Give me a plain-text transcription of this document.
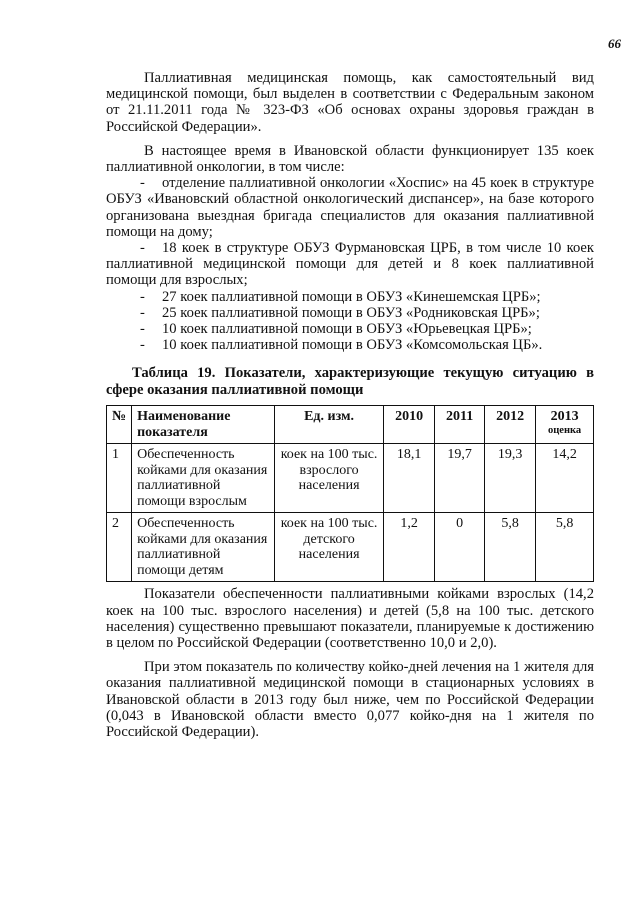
66

Паллиативная медицинская помощь, как самостоятельный вид медицинской помощи, был выделен в соответствии с Федеральным законом от 21.11.2011 года № 323-ФЗ «Об основах охраны здоровья граждан в Российской Федерации».

В настоящее время в Ивановской области функционирует 135 коек паллиативной онкологии, в том числе:

- отделение паллиативной онкологии «Хоспис» на 45 коек в структуре ОБУЗ «Ивановский областной онкологический диспансер», на базе которого организована выездная бригада специалистов для оказания паллиативной помощи на дому;

- 18 коек в структуре ОБУЗ Фурмановская ЦРБ, в том числе 10 коек паллиативной медицинской помощи для детей и 8 коек паллиативной помощи для взрослых;

- 27 коек паллиативной помощи в ОБУЗ «Кинешемская ЦРБ»;

- 25 коек паллиативной помощи в ОБУЗ «Родниковская ЦРБ»;

- 10 коек паллиативной помощи в ОБУЗ «Юрьевецкая ЦРБ»;

- 10 коек паллиативной помощи в ОБУЗ «Комсомольская ЦБ».

Таблица 19. Показатели, характеризующие текущую ситуацию в сфере оказания паллиативной помощи

№	Наименование показателя	Ед. изм.	2010	2011	2012	2013
оценка

1	Обеспеченность койками для оказания паллиативной помощи взрослым	коек на 100 тыс. взрослого населения	18,1	19,7	19,3	14,2
2	Обеспеченность койками для оказания паллиативной помощи детям	коек на 100 тыс. детского населения	1,2	0	5,8	5,8

Показатели обеспеченности паллиативными койками взрослых (14,2 коек на 100 тыс. взрослого населения) и детей (5,8 на 100 тыс. детского населения) существенно превышают показатели, планируемые к достижению в целом по Российской Федерации (соответственно 10,0 и 2,0).

При этом показатель по количеству койко-дней лечения на 1 жителя для оказания паллиативной медицинской помощи в стационарных условиях в Ивановской области в 2013 году был ниже, чем по Российской Федерации (0,043 в Ивановской области вместо 0,077 койко-дня на 1 жителя по Российской Федерации).
